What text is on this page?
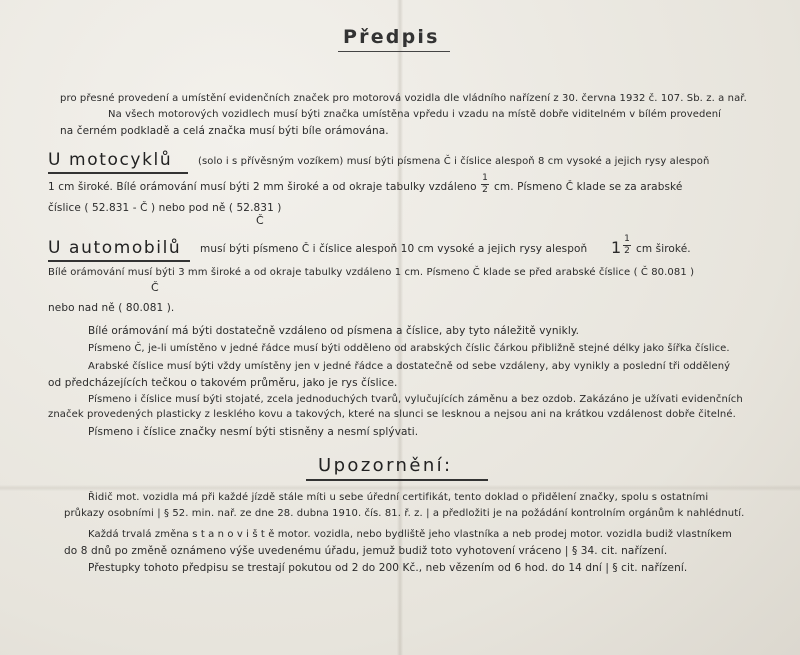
Předpis
pro přesné provedení a umístění evidenčních značek pro motorová vozidla dle vládního nařízení z 30. června 1932 č. 107. Sb. z. a nař.
Na všech motorových vozidlech musí býti značka umístěna vpředu i vzadu na místě dobře viditelném v bílém provedení
na černém podkladě a celá značka musí býti bíle orámována.
U motocyklů	(solo i s přívěsným vozíkem) musí býti písmena Č i číslice alespoň 8 cm vysoké a jejich rysy alespoň
1 cm široké. Bílé orámování musí býti 2 mm široké a od okraje tabulky vzdáleno
1
2 cm. Písmeno Č klade se za arabské
číslice ( 52.831 - Č ) nebo pod ně ( 52.831 )
Č
U automobilů musí býti písmeno Č i číslice alespoň 10 cm vysoké a jejich rysy alespoň 1 1
2 cm široké.
Bílé orámování musí býti 3 mm široké a od okraje tabulky vzdáleno 1 cm. Písmeno Č klade se před arabské číslice ( Č 80.081 )
Č
nebo nad ně ( 80.081 ).
Bílé orámování má býti dostatečně vzdáleno od písmena a číslice, aby tyto náležitě vynikly.
Písmeno Č, je-li umístěno v jedné řádce musí býti odděleno od arabských číslic čárkou přibližně stejné délky jako šířka číslice.
Arabské číslice musí býti vždy umístěny jen v jedné řádce a dostatečně od sebe vzdáleny, aby vynikly a poslední tři oddělený
od předcházejících tečkou o takovém průměru, jako je rys číslice.
Písmeno i číslice musí býti stojaté, zcela jednoduchých tvarů, vylučujících záměnu a bez ozdob. Zakázáno je užívati evidenčních
značek provedených plasticky z lesklého kovu a takových, které na slunci se lesknou a nejsou ani na krátkou vzdálenost dobře čitelné.
Písmeno i číslice značky nesmí býti stisněny a nesmí splývati.
Upozornění:
Řidič mot. vozidla má při každé jízdě stále míti u sebe úřední certifikát, tento doklad o přidělení značky, spolu s ostatními
průkazy osobními | § 52. min. nař. ze dne 28. dubna 1910. čís. 81. ř. z. | a předložiti je na požádání kontrolním orgánům k nahlédnutí.
Každá trvalá změna s t a n o v i š t ě motor. vozidla, nebo bydliště jeho vlastníka a neb prodej motor. vozidla budiž vlastníkem
do 8 dnů po změně oznámeno výše uvedenému úřadu, jemuž budiž toto vyhotovení vráceno | § 34. cit. nařízení.
Přestupky tohoto předpisu se trestají pokutou od 2 do 200 Kč., neb vězením od 6 hod. do 14 dní | § cit. nařízení.
